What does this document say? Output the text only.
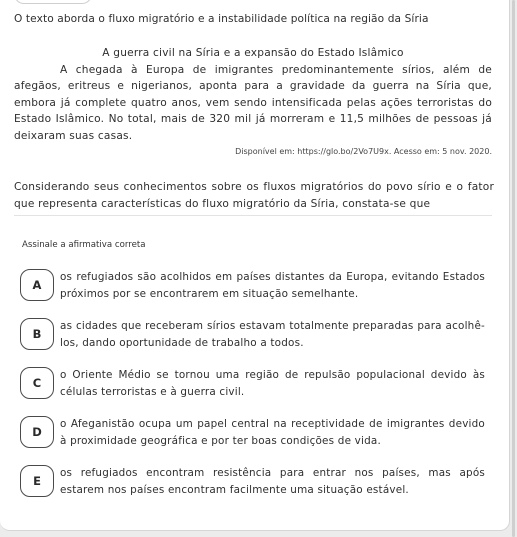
O texto aborda o fluxo migratório e a instabilidade política na região da Síria
A guerra civil na Síria e a expansão do Estado Islâmico
A chegada à Europa de imigrantes predominantemente sírios, além de afegãos, eritreus e nigerianos, aponta para a gravidade da guerra na Síria que, embora já complete quatro anos, vem sendo intensificada pelas ações terroristas do Estado Islâmico. No total, mais de 320 mil já morreram e 11,5 milhões de pessoas já deixaram suas casas.
Disponível em: https://glo.bo/2Vo7U9x. Acesso em: 5 nov. 2020.
Considerando seus conhecimentos sobre os fluxos migratórios do povo sírio e o fator que representa características do fluxo migratório da Síria, constata-se que
Assinale a afirmativa correta
A
os refugiados são acolhidos em países distantes da Europa, evitando Estados próximos por se encontrarem em situação semelhante.
B
as cidades que receberam sírios estavam totalmente preparadas para acolhê-los, dando oportunidade de trabalho a todos.
C
o Oriente Médio se tornou uma região de repulsão populacional devido às células terroristas e à guerra civil.
D
o Afeganistão ocupa um papel central na receptividade de imigrantes devido à proximidade geográfica e por ter boas condições de vida.
E
os refugiados encontram resistência para entrar nos países, mas após estarem nos países encontram facilmente uma situação estável.
